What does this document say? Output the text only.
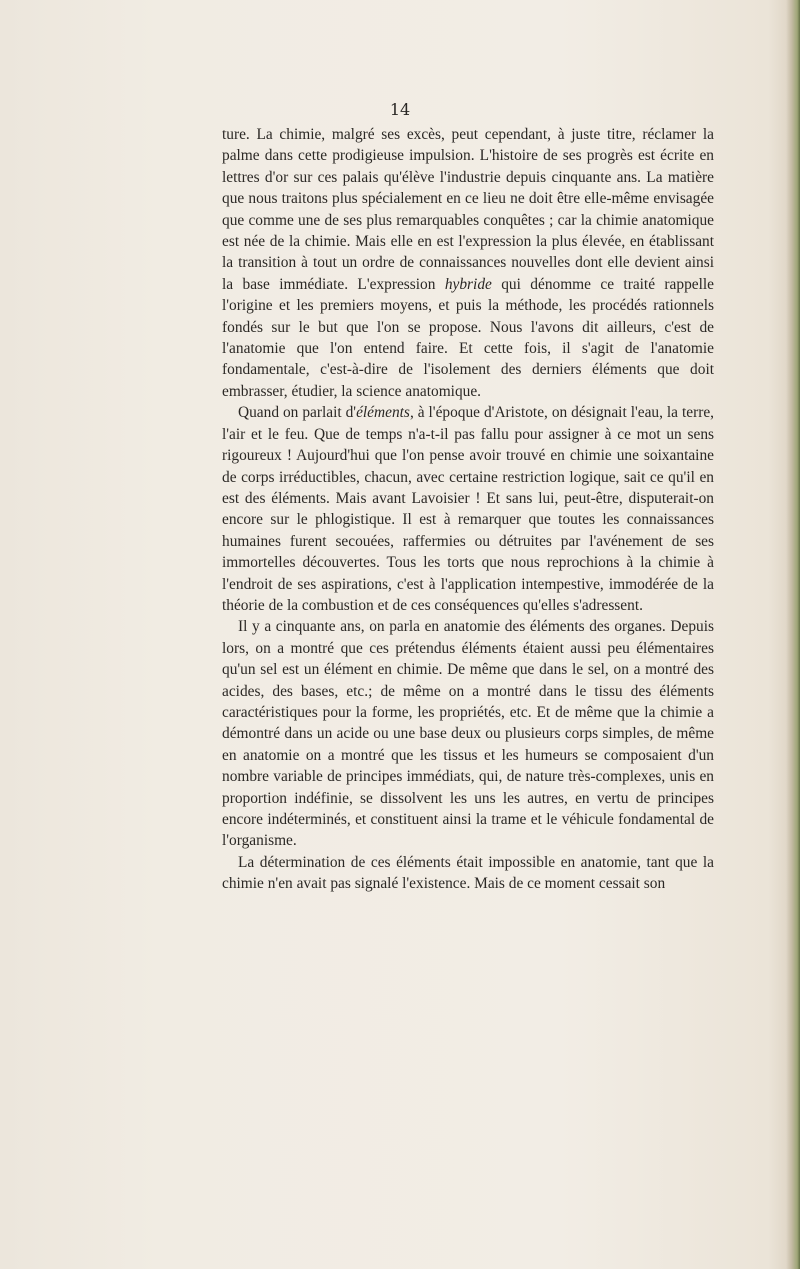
14

ture. La chimie, malgré ses excès, peut cependant, à juste titre, réclamer la palme dans cette prodigieuse impulsion. L'histoire de ses progrès est écrite en lettres d'or sur ces palais qu'élève l'industrie depuis cinquante ans. La matière que nous traitons plus spécialement en ce lieu ne doit être elle-même envisagée que comme une de ses plus remarquables conquêtes ; car la chimie anatomique est née de la chimie. Mais elle en est l'expression la plus élevée, en établissant la transition à tout un ordre de connaissances nouvelles dont elle devient ainsi la base immédiate. L'expression hybride qui dénomme ce traité rappelle l'origine et les premiers moyens, et puis la méthode, les procédés rationnels fondés sur le but que l'on se propose. Nous l'avons dit ailleurs, c'est de l'anatomie que l'on entend faire. Et cette fois, il s'agit de l'anatomie fondamentale, c'est-à-dire de l'isolement des derniers éléments que doit embrasser, étudier, la science anatomique.

Quand on parlait d'éléments, à l'époque d'Aristote, on désignait l'eau, la terre, l'air et le feu. Que de temps n'a-t-il pas fallu pour assigner à ce mot un sens rigoureux ! Aujourd'hui que l'on pense avoir trouvé en chimie une soixantaine de corps irréductibles, chacun, avec certaine restriction logique, sait ce qu'il en est des éléments. Mais avant Lavoisier ! Et sans lui, peut-être, disputerait-on encore sur le phlogistique. Il est à remarquer que toutes les connaissances humaines furent secouées, raffermies ou détruites par l'avénement de ses immortelles découvertes. Tous les torts que nous reprochions à la chimie à l'endroit de ses aspirations, c'est à l'application intempestive, immodérée de la théorie de la combustion et de ces conséquences qu'elles s'adressent.

Il y a cinquante ans, on parla en anatomie des éléments des organes. Depuis lors, on a montré que ces prétendus éléments étaient aussi peu élémentaires qu'un sel est un élément en chimie. De même que dans le sel, on a montré des acides, des bases, etc.; de même on a montré dans le tissu des éléments caractéristiques pour la forme, les propriétés, etc. Et de même que la chimie a démontré dans un acide ou une base deux ou plusieurs corps simples, de même en anatomie on a montré que les tissus et les humeurs se composaient d'un nombre variable de principes immédiats, qui, de nature très-complexes, unis en proportion indéfinie, se dissolvent les uns les autres, en vertu de principes encore indéterminés, et constituent ainsi la trame et le véhicule fondamental de l'organisme.

La détermination de ces éléments était impossible en anatomie, tant que la chimie n'en avait pas signalé l'existence. Mais de ce moment cessait son
